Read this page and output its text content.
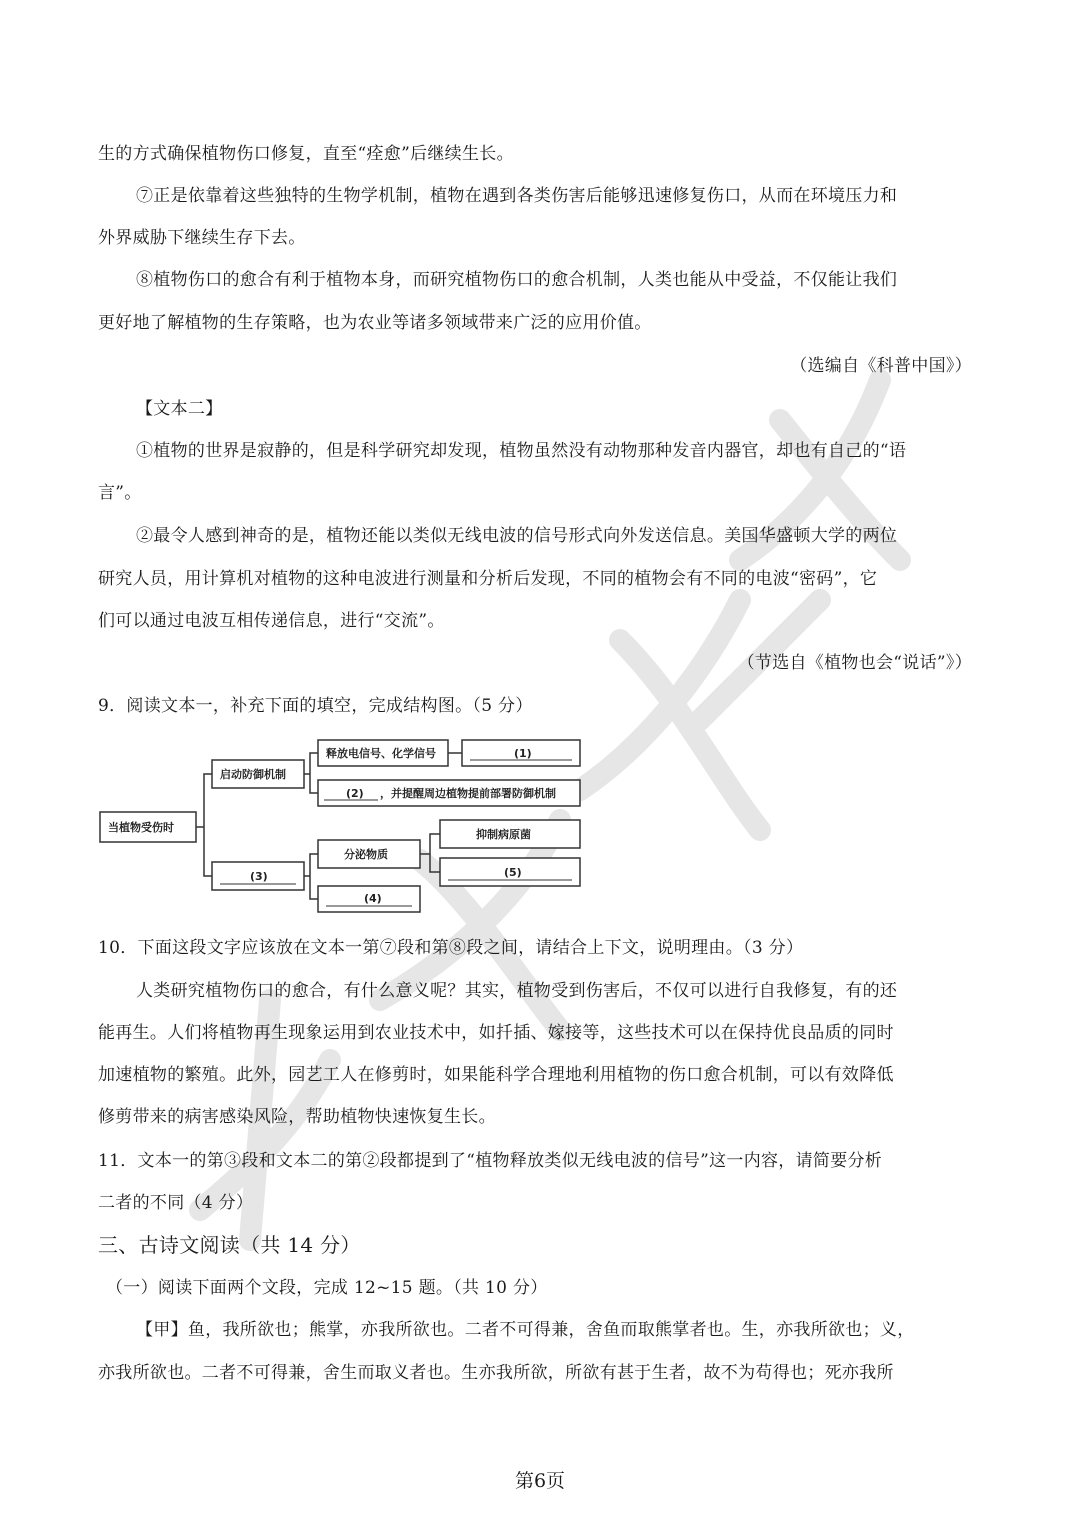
生的方式确保植物伤口修复，直至“痊愈”后继续生长。
⑦正是依靠着这些独特的生物学机制，植物在遇到各类伤害后能够迅速修复伤口，从而在环境压力和
外界威胁下继续生存下去。
⑧植物伤口的愈合有利于植物本身，而研究植物伤口的愈合机制，人类也能从中受益，不仅能让我们
更好地了解植物的生存策略，也为农业等诸多领域带来广泛的应用价值。
（选编自《科普中国》）
【文本二】
①植物的世界是寂静的，但是科学研究却发现，植物虽然没有动物那种发音内器官，却也有自己的“语
言”。
②最令人感到神奇的是，植物还能以类似无线电波的信号形式向外发送信息。美国华盛顿大学的两位
研究人员，用计算机对植物的这种电波进行测量和分析后发现，不同的植物会有不同的电波“密码”，它
们可以通过电波互相传递信息，进行“交流”。
（节选自《植物也会“说话”》）
9．阅读文本一，补充下面的填空，完成结构图。（5 分）
当植物受伤时
启动防御机制
释放电信号、化学信号	(1)
(2) ，并提醒周边植物提前部署防御机制
(3)
分泌物质
抑制病原菌
(5)
(4)
10．下面这段文字应该放在文本一第⑦段和第⑧段之间，请结合上下文，说明理由。（3 分）
人类研究植物伤口的愈合，有什么意义呢？其实，植物受到伤害后，不仅可以进行自我修复，有的还
能再生。人们将植物再生现象运用到农业技术中，如扦插、嫁接等，这些技术可以在保持优良品质的同时
加速植物的繁殖。此外，园艺工人在修剪时，如果能科学合理地利用植物的伤口愈合机制，可以有效降低
修剪带来的病害感染风险，帮助植物快速恢复生长。
11．文本一的第③段和文本二的第②段都提到了“植物释放类似无线电波的信号”这一内容，请简要分析
二者的不同（4 分）
三、古诗文阅读（共 14 分）
（一）阅读下面两个文段，完成 12~15 题。（共 10 分）
【甲】鱼，我所欲也；熊掌，亦我所欲也。二者不可得兼，舍鱼而取熊掌者也。生，亦我所欲也；义，
亦我所欲也。二者不可得兼，舍生而取义者也。生亦我所欲，所欲有甚于生者，故不为苟得也；死亦我所
第6页
